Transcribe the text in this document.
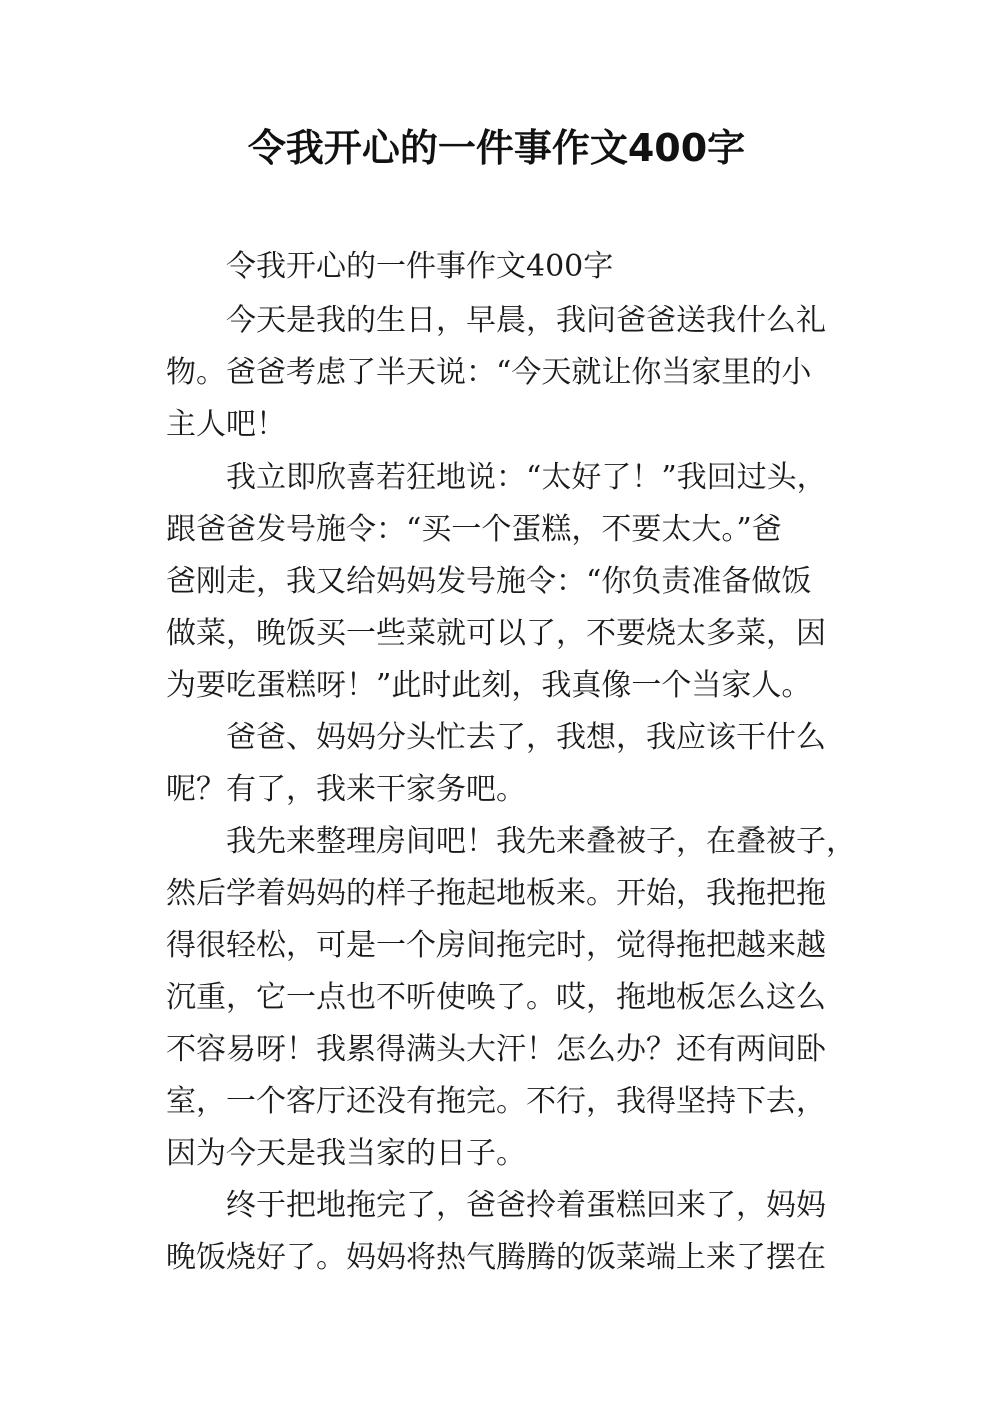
令我开心的一件事作文400字
令我开心的一件事作文400字
今天是我的生日，早晨，我问爸爸送我什么礼
物。爸爸考虑了半天说：“今天就让你当家里的小
主人吧！
我立即欣喜若狂地说：“太好了！”我回过头，
跟爸爸发号施令：“买一个蛋糕，不要太大。”爸
爸刚走，我又给妈妈发号施令：“你负责准备做饭
做菜，晚饭买一些菜就可以了，不要烧太多菜，因
为要吃蛋糕呀！”此时此刻，我真像一个当家人。
爸爸、妈妈分头忙去了，我想，我应该干什么
呢？有了，我来干家务吧。
我先来整理房间吧！我先来叠被子，在叠被子，
然后学着妈妈的样子拖起地板来。开始，我拖把拖
得很轻松，可是一个房间拖完时，觉得拖把越来越
沉重，它一点也不听使唤了。哎，拖地板怎么这么
不容易呀！我累得满头大汗！怎么办？还有两间卧
室，一个客厅还没有拖完。不行，我得坚持下去，
因为今天是我当家的日子。
终于把地拖完了，爸爸拎着蛋糕回来了，妈妈
晚饭烧好了。妈妈将热气腾腾的饭菜端上来了摆在
